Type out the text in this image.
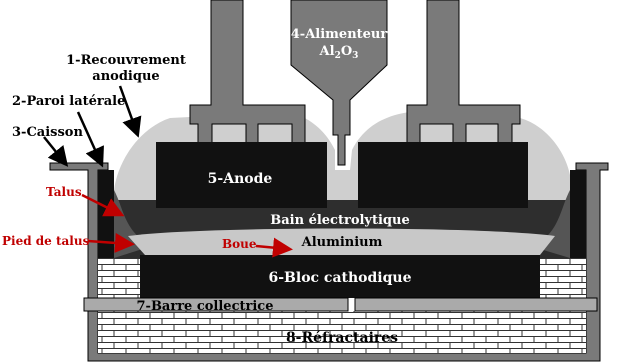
1-Recouvrement
anodique
2-Paroi latérale
3-Caisson
4-Alimenteur
$Al_2O_3$
5-Anode
Bain électrolytique
Aluminium
6-Bloc cathodique
7-Barre collectrice
8-Réfractaires
Talus
Pied de talus	Boue
